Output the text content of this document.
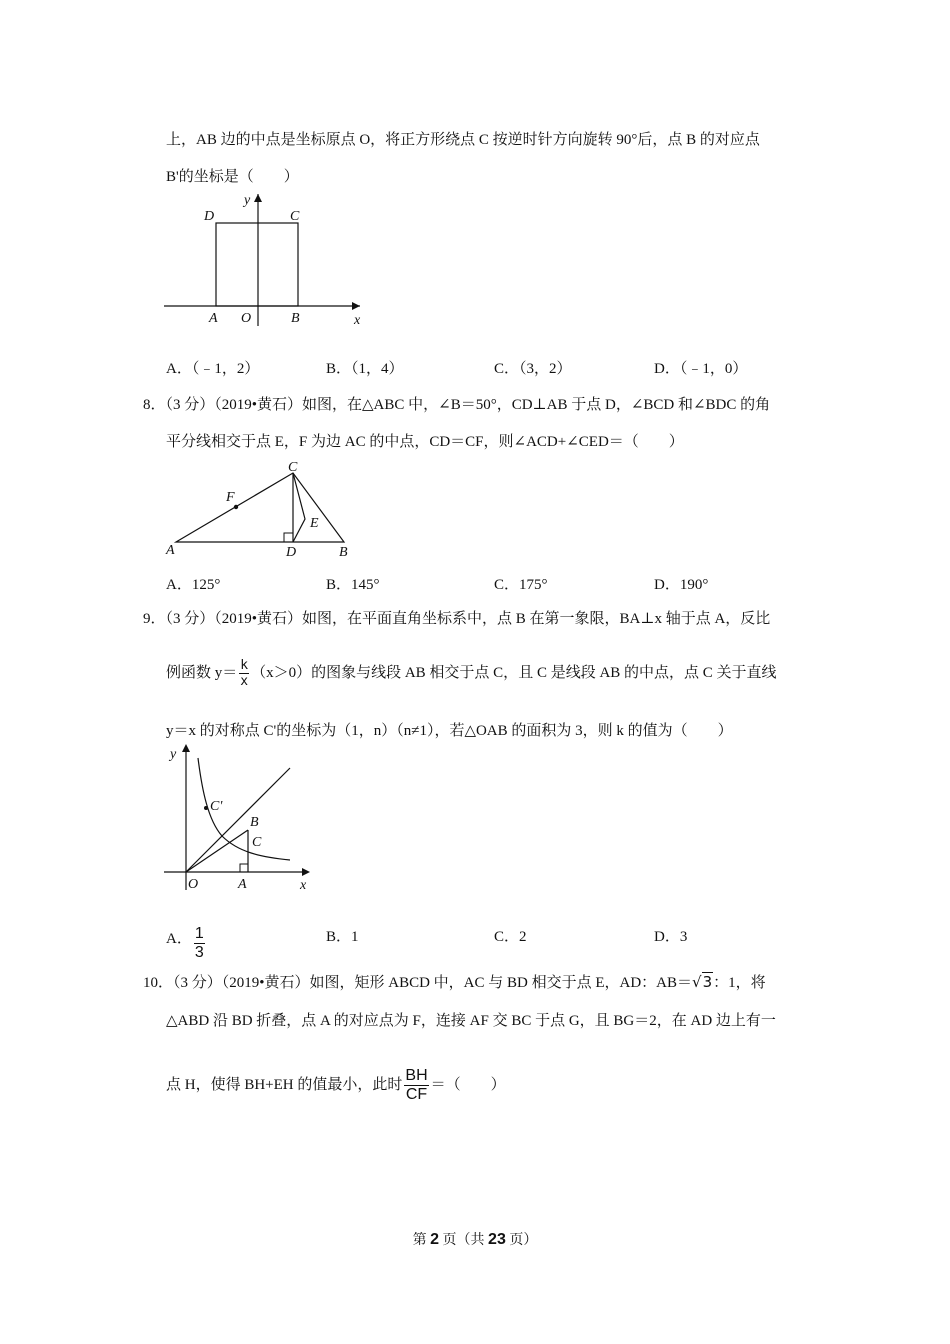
上，AB 边的中点是坐标原点 O，将正方形绕点 C 按逆时针方向旋转 90°后，点 B 的对应点
B'的坐标是（　　）
y
x
D	C
A O	B
A．（﹣1，2）	B．（1，4）	C．（3，2）	D．（﹣1，0）
8．（3 分）（2019•黄石）如图，在△ABC 中，∠B＝50°，CD⊥AB 于点 D，∠BCD 和∠BDC 的角
平分线相交于点 E，F 为边 AC 的中点，CD＝CF，则∠ACD+∠CED＝（　　）
C
F
E
A	D	B
A．125°	B．145°	C．175°	D．190°
9．（3 分）（2019•黄石）如图，在平面直角坐标系中，点 B 在第一象限，BA⊥x 轴于点 A，反比
例函数 $y= \frac{k}{x} (x>0)$的图象与线段 AB 相交于点 C，且 C 是线段 AB 的中点，点 C 关于直线
y＝x 的对称点 C'的坐标为（1，n）（n≠1），若△OAB 的面积为 3，则 k 的值为（　　）
y
x
O	A
B
C
C'
A． $\frac{1}{3}$	B．1	C．2	D．3
10．（3 分）（2019•黄石）如图，矩形 ABCD 中，AC 与 BD 相交于点 E，AD：AB＝√3：1，将
△ABD 沿 BD 折叠，点 A 的对应点为 F，连接 AF 交 BC 于点 G，且 BG＝2，在 AD 边上有一
点 H，使得 BH+EH 的值最小，此时 $\frac{BH}{CF}$ ＝（　　）
第 2 页（共 23 页）
